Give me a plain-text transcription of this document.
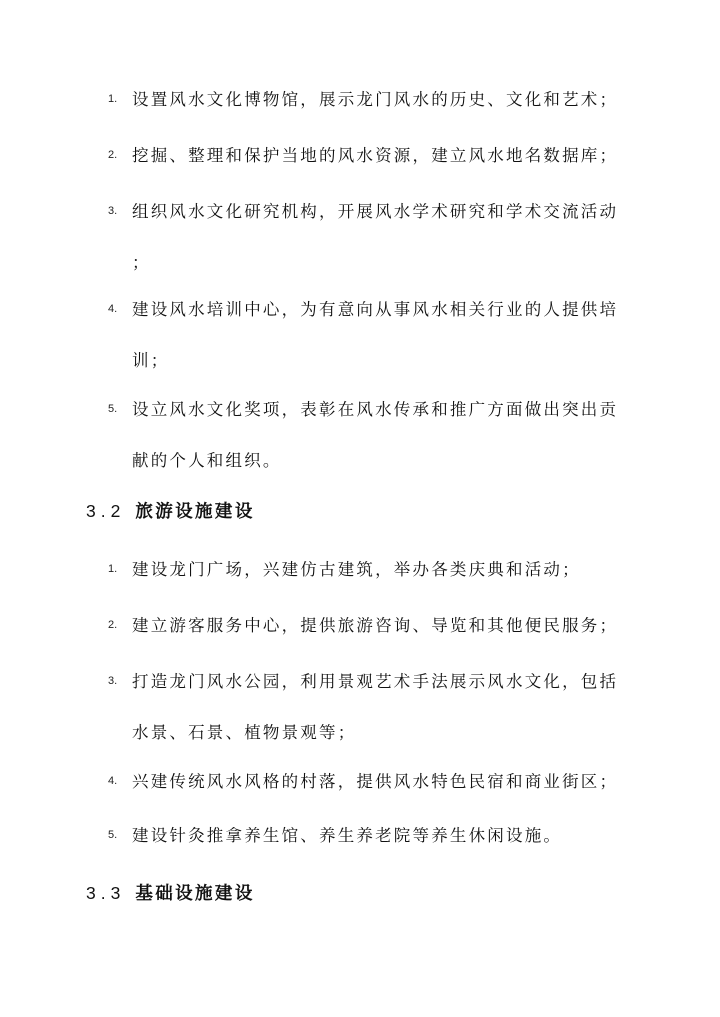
1. 设置风水文化博物馆，展示龙门风水的历史、文化和艺术；
2. 挖掘、整理和保护当地的风水资源，建立风水地名数据库；
3. 组织风水文化研究机构，开展风水学术研究和学术交流活动
；
4. 建设风水培训中心，为有意向从事风水相关行业的人提供培
训；
5. 设立风水文化奖项，表彰在风水传承和推广方面做出突出贡
献的个人和组织。
3.2 旅游设施建设
1. 建设龙门广场，兴建仿古建筑，举办各类庆典和活动；
2. 建立游客服务中心，提供旅游咨询、导览和其他便民服务；
3. 打造龙门风水公园，利用景观艺术手法展示风水文化，包括
水景、石景、植物景观等；
4. 兴建传统风水风格的村落，提供风水特色民宿和商业街区；
5. 建设针灸推拿养生馆、养生养老院等养生休闲设施。
3.3 基础设施建设
